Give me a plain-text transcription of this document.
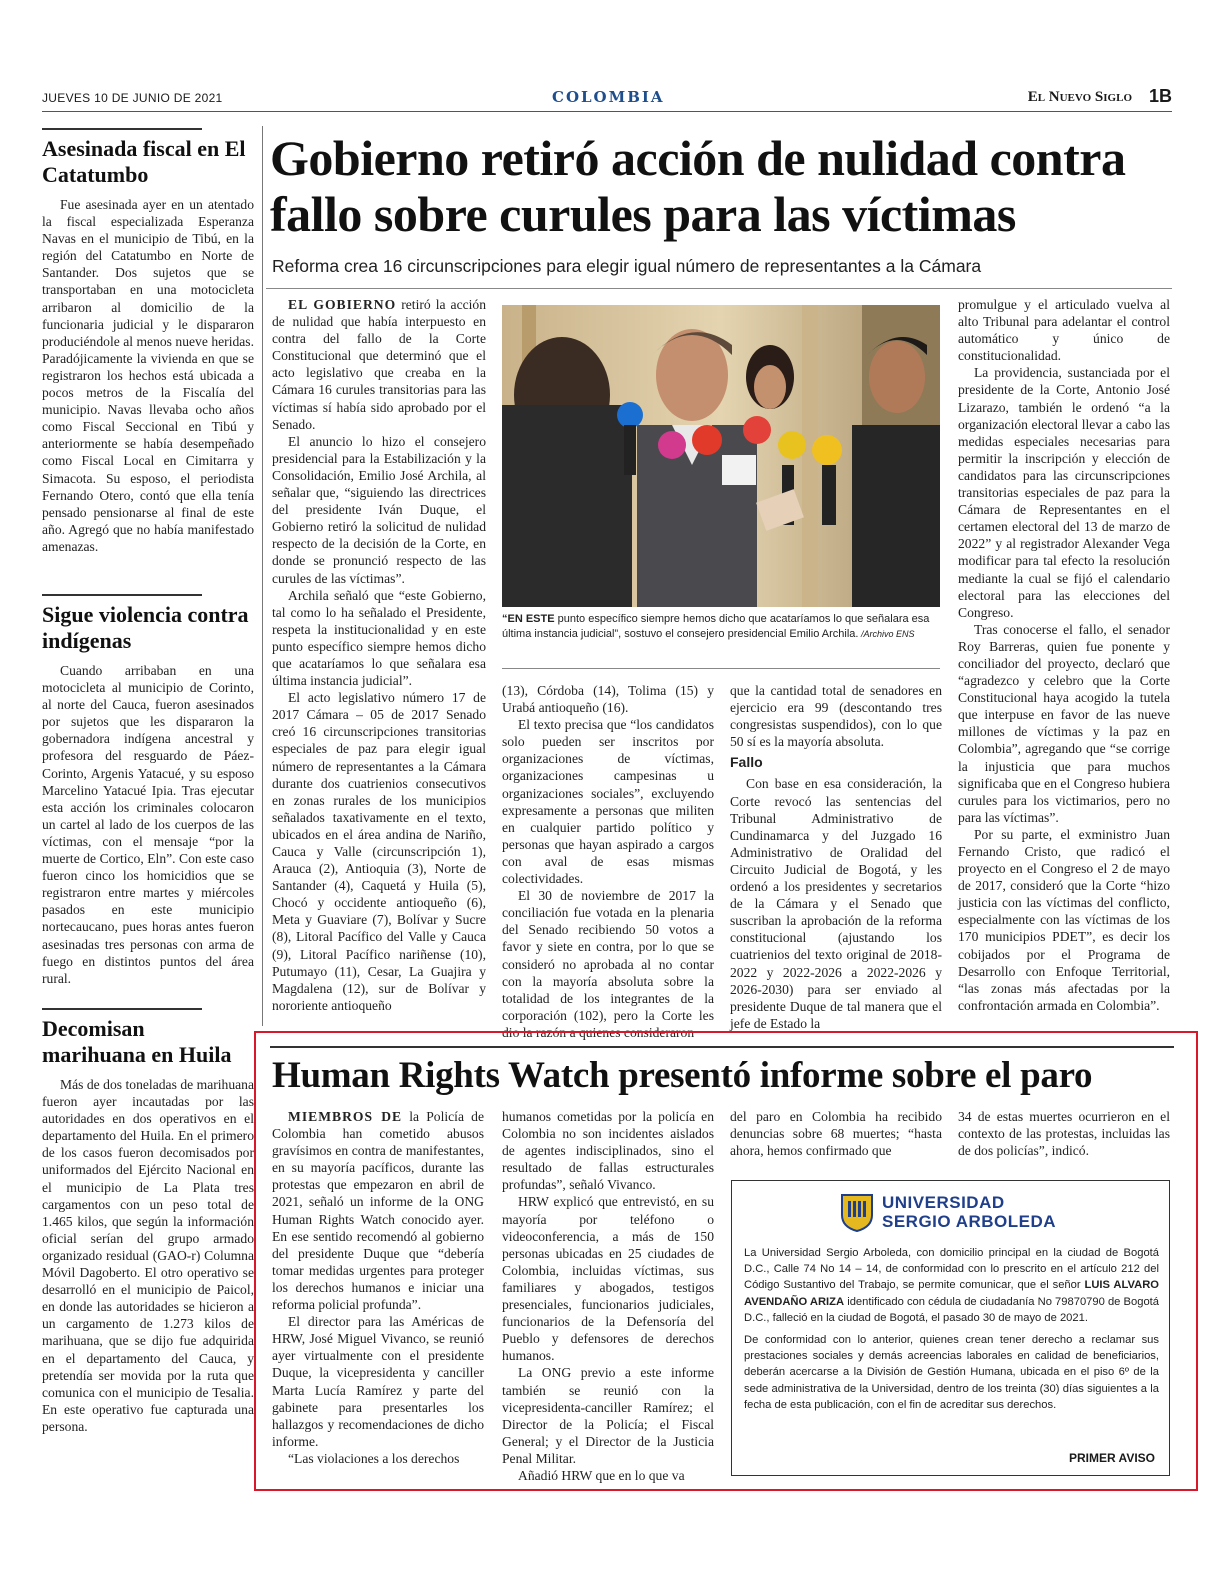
JUEVES 10 DE JUNIO DE 2021	COLOMBIA	El Nuevo Siglo 1B
Asesinada fiscal en El Catatumbo

Fue asesinada ayer en un atentado la fiscal especializada Esperanza Navas en el municipio de Tibú, en la región del Catatumbo en Norte de Santander. Dos sujetos que se transportaban en una motocicleta arribaron al domicilio de la funcionaria judicial y le dispararon produciéndole al menos nueve heridas. Paradójicamente la vivienda en que se registraron los hechos está ubicada a pocos metros de la Fiscalía del municipio. Navas llevaba ocho años como Fiscal Seccional en Tibú y anteriormente se había desempeñado como Fiscal Local en Cimitarra y Simacota. Su esposo, el periodista Fernando Otero, contó que ella tenía pensado pensionarse al final de este año. Agregó que no había manifestado amenazas.

Sigue violencia contra indígenas

Cuando arribaban en una motocicleta al municipio de Corinto, al norte del Cauca, fueron asesinados por sujetos que les dispararon la gobernadora indígena ancestral y profesora del resguardo de Páez-Corinto, Argenis Yatacué, y su esposo Marcelino Yatacué Ipia. Tras ejecutar esta acción los criminales colocaron un cartel al lado de los cuerpos de las víctimas, con el mensaje “por la muerte de Cortico, Eln”. Con este caso fueron cinco los homicidios que se registraron entre martes y miércoles pasados en este municipio nortecaucano, pues horas antes fueron asesinadas tres personas con arma de fuego en distintos puntos del área rural.

Decomisan marihuana en Huila

Más de dos toneladas de marihuana fueron ayer incautadas por las autoridades en dos operativos en el departamento del Huila. En el primero de los casos fueron decomisados por uniformados del Ejército Nacional en el municipio de La Plata tres cargamentos con un peso total de 1.465 kilos, que según la información oficial serían del grupo armado organizado residual (GAO-r) Columna Móvil Dagoberto. El otro operativo se desarrolló en el municipio de Paicol, en donde las autoridades se hicieron a un cargamento de 1.273 kilos de marihuana, que se dijo fue adquirida en el departamento del Cauca, y pretendía ser movida por la ruta que comunica con el municipio de Tesalia. En este operativo fue capturada una persona.

Gobierno retiró acción de nulidad contra fallo sobre curules para las víctimas
Reforma crea 16 circunscripciones para elegir igual número de representantes a la Cámara

EL GOBIERNO retiró la acción de nulidad que había interpuesto en contra del fallo de la Corte Constitucional que determinó que el acto legislativo que creaba en la Cámara 16 curules transitorias para las víctimas sí había sido aprobado por el Senado.

El anuncio lo hizo el consejero presidencial para la Estabilización y la Consolidación, Emilio José Archila, al señalar que, “siguiendo las directrices del presidente Iván Duque, el Gobierno retiró la solicitud de nulidad respecto de la decisión de la Corte, en donde se pronunció respecto de las curules de las víctimas”.

Archila señaló que “este Gobierno, tal como lo ha señalado el Presidente, respeta la institucionalidad y en este punto específico siempre hemos dicho que acataríamos lo que señalara esa última instancia judicial”.

El acto legislativo número 17 de 2017 Cámara – 05 de 2017 Senado creó 16 circunscripciones transitorias especiales de paz para elegir igual número de representantes a la Cámara durante dos cuatrienios consecutivos en zonas rurales de los municipios señalados taxativamente en el texto, ubicados en el área andina de Nariño, Cauca y Valle (circunscripción 1), Arauca (2), Antioquia (3), Norte de Santander (4), Caquetá y Huila (5), Chocó y occidente antioqueño (6), Meta y Guaviare (7), Bolívar y Sucre (8), Litoral Pacífico del Valle y Cauca (9), Litoral Pacífico nariñense (10), Putumayo (11), Cesar, La Guajira y Magdalena (12), sur de Bolívar y nororiente antioqueño

“EN ESTE punto específico siempre hemos dicho que acataríamos lo que señalara esa última instancia judicial”, sostuvo el consejero presidencial Emilio Archila. /Archivo ENS

(13), Córdoba (14), Tolima (15) y Urabá antioqueño (16).

El texto precisa que “los candidatos solo pueden ser inscritos por organizaciones de víctimas, organizaciones campesinas u organizaciones sociales”, excluyendo expresamente a personas que militen en cualquier partido político y personas que hayan aspirado a cargos con aval de esas mismas colectividades.

El 30 de noviembre de 2017 la conciliación fue votada en la plenaria del Senado recibiendo 50 votos a favor y siete en contra, por lo que se consideró no aprobada al no contar con la mayoría absoluta sobre la totalidad de los integrantes de la corporación (102), pero la Corte les dio la razón a quienes consideraron

que la cantidad total de senadores en ejercicio era 99 (descontando tres congresistas suspendidos), con lo que 50 sí es la mayoría absoluta.

Fallo

Con base en esa consideración, la Corte revocó las sentencias del Tribunal Administrativo de Cundinamarca y del Juzgado 16 Administrativo de Oralidad del Circuito Judicial de Bogotá, y les ordenó a los presidentes y secretarios de la Cámara y el Senado que suscriban la aprobación de la reforma constitucional (ajustando los cuatrienios del texto original de 2018-2022 y 2022-2026 a 2022-2026 y 2026-2030) para ser enviado al presidente Duque de tal manera que el jefe de Estado la

promulgue y el articulado vuelva al alto Tribunal para adelantar el control automático y único de constitucionalidad.

La providencia, sustanciada por el presidente de la Corte, Antonio José Lizarazo, también le ordenó “a la organización electoral llevar a cabo las medidas especiales necesarias para permitir la inscripción y elección de candidatos para las circunscripciones transitorias especiales de paz para la Cámara de Representantes en el certamen electoral del 13 de marzo de 2022” y al registrador Alexander Vega modificar para tal efecto la resolución mediante la cual se fijó el calendario electoral para las elecciones del Congreso.

Tras conocerse el fallo, el senador Roy Barreras, quien fue ponente y conciliador del proyecto, declaró que “agradezco y celebro que la Corte Constitucional haya acogido la tutela que interpuse en favor de las nueve millones de víctimas y la paz en Colombia”, agregando que “se corrige la injusticia que para muchos significaba que en el Congreso hubiera curules para los victimarios, pero no para las víctimas”.

Por su parte, el exministro Juan Fernando Cristo, que radicó el proyecto en el Congreso el 2 de mayo de 2017, consideró que la Corte “hizo justicia con las víctimas del conflicto, especialmente con las víctimas de los 170 municipios PDET”, es decir los cobijados por el Programa de Desarrollo con Enfoque Territorial, “las zonas más afectadas por la confrontación armada en Colombia”.

Human Rights Watch presentó informe sobre el paro

MIEMBROS DE la Policía de Colombia han cometido abusos gravísimos en contra de manifestantes, en su mayoría pacíficos, durante las protestas que empezaron en abril de 2021, señaló un informe de la ONG Human Rights Watch conocido ayer. En ese sentido recomendó al gobierno del presidente Duque que “debería tomar medidas urgentes para proteger los derechos humanos e iniciar una reforma policial profunda”.

El director para las Américas de HRW, José Miguel Vivanco, se reunió ayer virtualmente con el presidente Duque, la vicepresidenta y canciller Marta Lucía Ramírez y parte del gabinete para presentarles los hallazgos y recomendaciones de dicho informe.

“Las violaciones a los derechos

humanos cometidas por la policía en Colombia no son incidentes aislados de agentes indisciplinados, sino el resultado de fallas estructurales profundas”, señaló Vivanco.

HRW explicó que entrevistó, en su mayoría por teléfono o videoconferencia, a más de 150 personas ubicadas en 25 ciudades de Colombia, incluidas víctimas, sus familiares y abogados, testigos presenciales, funcionarios judiciales, funcionarios de la Defensoría del Pueblo y defensores de derechos humanos.

La ONG previo a este informe también se reunió con la vicepresidenta-canciller Ramírez; el Director de la Policía; el Fiscal General; y el Director de la Justicia Penal Militar.

Añadió HRW que en lo que va

del paro en Colombia ha recibido denuncias sobre 68 muertes; “hasta ahora, hemos confirmado que

34 de estas muertes ocurrieron en el contexto de las protestas, incluidas las de dos policías”, indicó.

UNIVERSIDAD
SERGIO ARBOLEDA

La Universidad Sergio Arboleda, con domicilio principal en la ciudad de Bogotá D.C., Calle 74 No 14 – 14, de conformidad con lo prescrito en el artículo 212 del Código Sustantivo del Trabajo, se permite comunicar, que el señor LUIS ALVARO AVENDAÑO ARIZA identificado con cédula de ciudadanía No 79870790 de Bogotá D.C., falleció en la ciudad de Bogotá, el pasado 30 de mayo de 2021.

De conformidad con lo anterior, quienes crean tener derecho a reclamar sus prestaciones sociales y demás acreencias laborales en calidad de beneficiarios, deberán acercarse a la División de Gestión Humana, ubicada en el piso 6º de la sede administrativa de la Universidad, dentro de los treinta (30) días siguientes a la fecha de esta publicación, con el fin de acreditar sus derechos.

PRIMER AVISO
